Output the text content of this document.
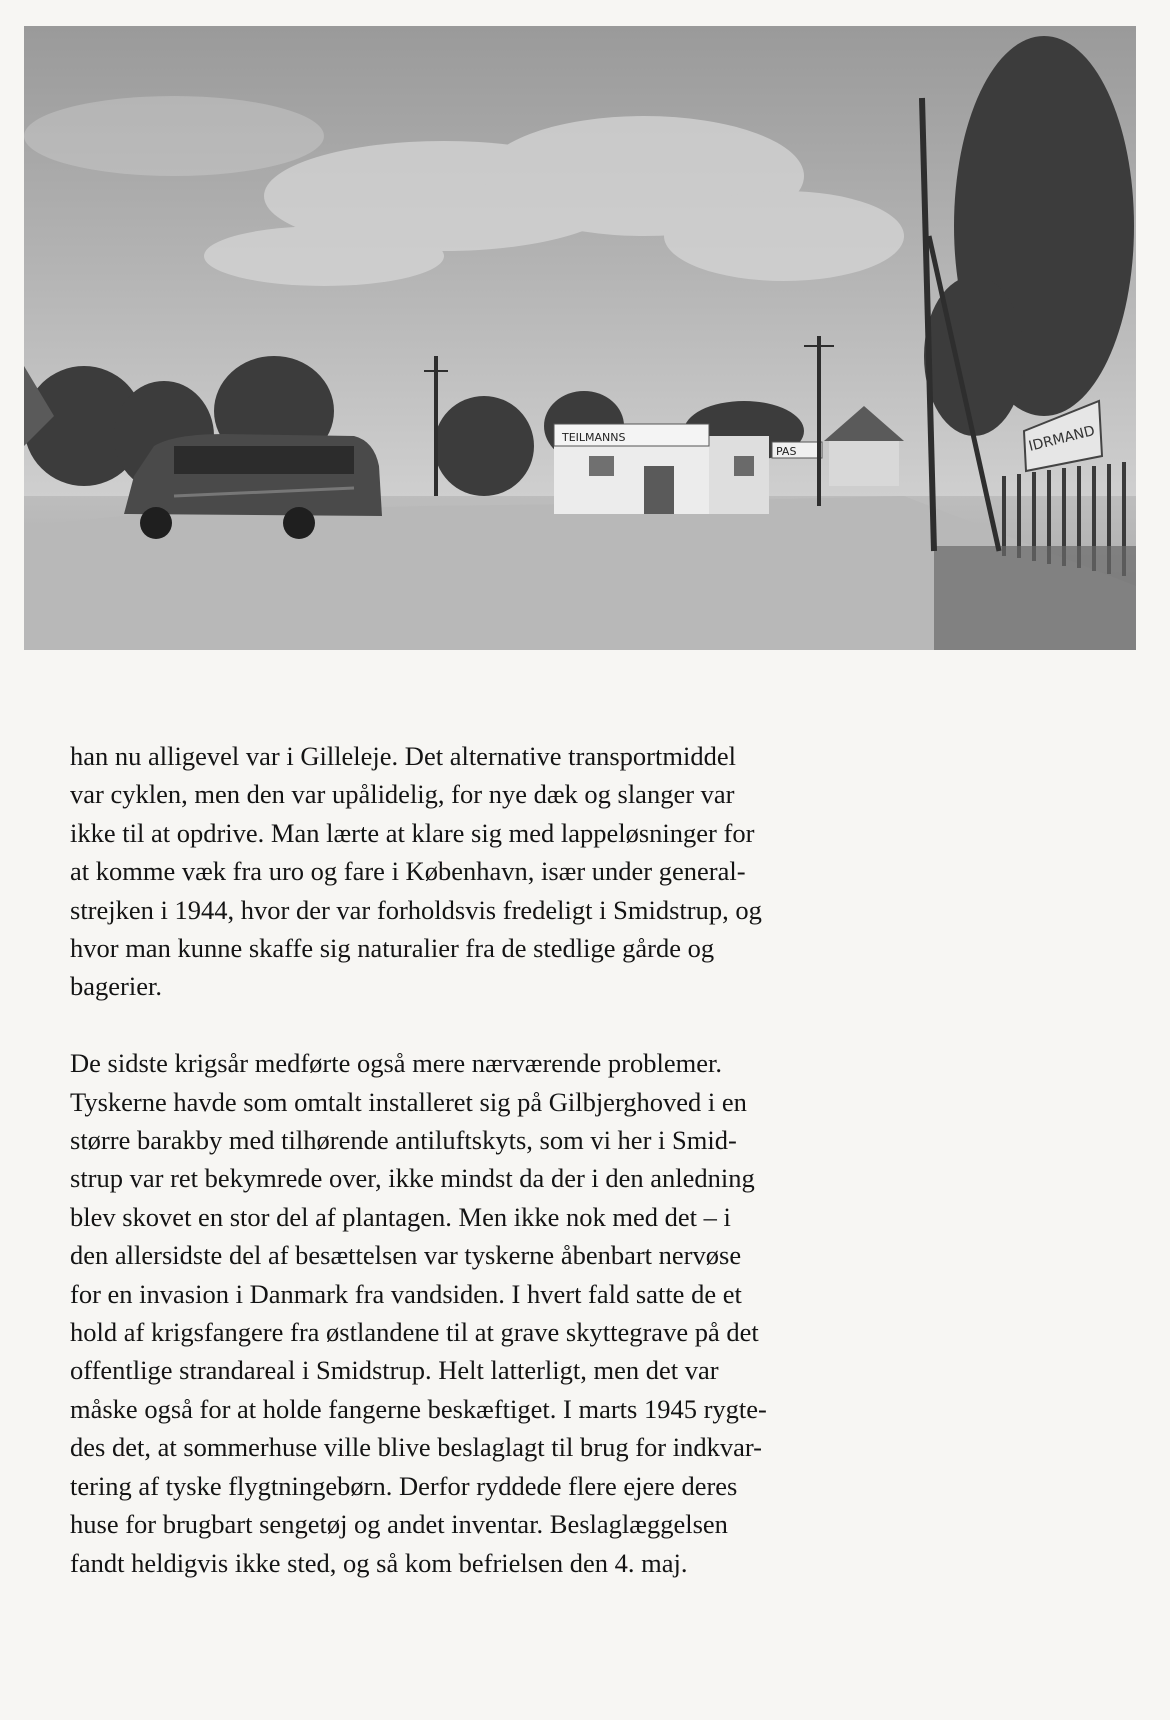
TEILMANNS
PAS	IDRMAND

han nu alligevel var i Gilleleje. Det alternative transportmiddel
var cyklen, men den var upålidelig, for nye dæk og slanger var
ikke til at opdrive. Man lærte at klare sig med lappeløsninger for
at komme væk fra uro og fare i København, især under general-
strejken i 1944, hvor der var forholdsvis fredeligt i Smidstrup, og
hvor man kunne skaffe sig naturalier fra de stedlige gårde og
bagerier.

De sidste krigsår medførte også mere nærværende problemer.
Tyskerne havde som omtalt installeret sig på Gilbjerghoved i en
større barakby med tilhørende antiluftskyts, som vi her i Smid-
strup var ret bekymrede over, ikke mindst da der i den anledning
blev skovet en stor del af plantagen. Men ikke nok med det – i
den allersidste del af besættelsen var tyskerne åbenbart nervøse
for en invasion i Danmark fra vandsiden. I hvert fald satte de et
hold af krigsfangere fra østlandene til at grave skyttegrave på det
offentlige strandareal i Smidstrup. Helt latterligt, men det var
måske også for at holde fangerne beskæftiget. I marts 1945 rygte-
des det, at sommerhuse ville blive beslaglagt til brug for indkvar-
tering af tyske flygtningebørn. Derfor ryddede flere ejere deres
huse for brugbart sengetøj og andet inventar. Beslaglæggelsen
fandt heldigvis ikke sted, og så kom befrielsen den 4. maj.
